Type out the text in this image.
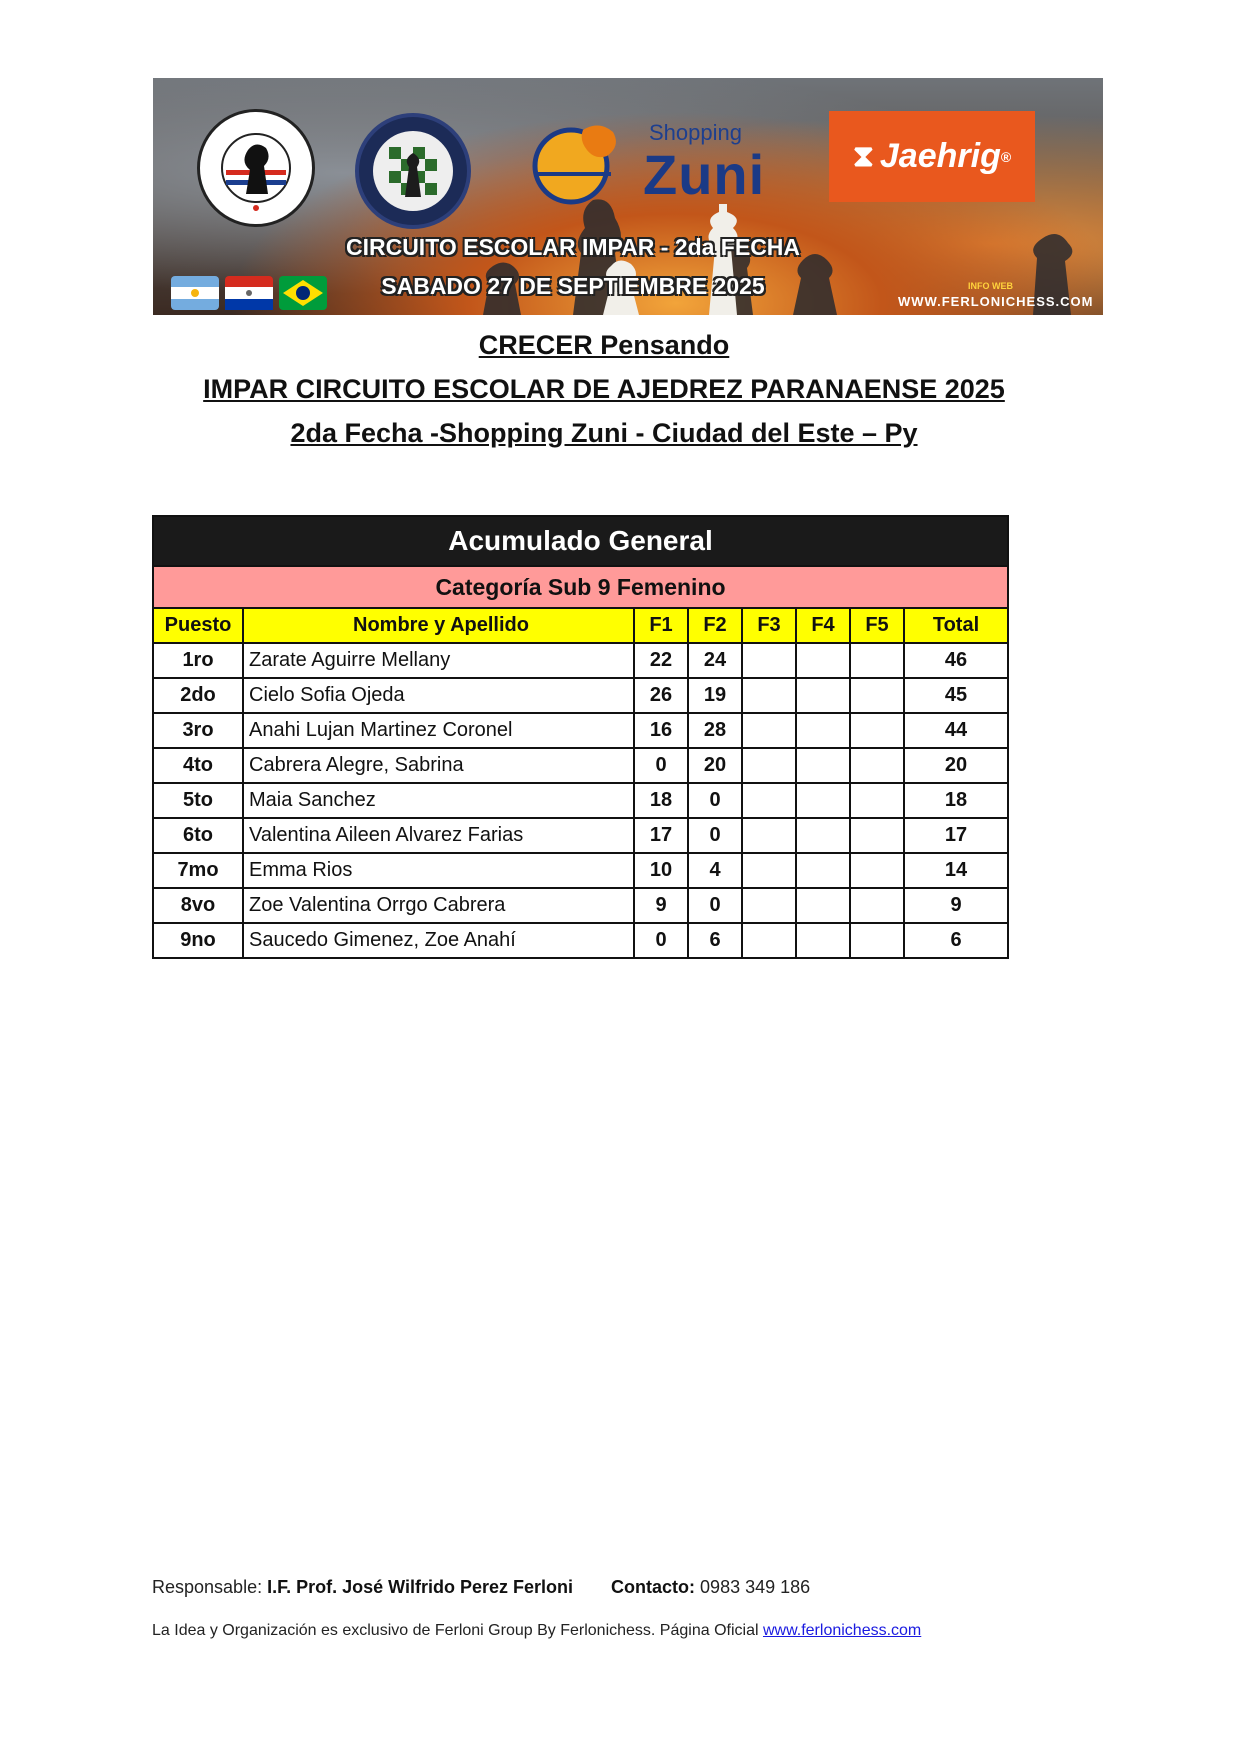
Shopping
Zuni	⧗ Jaehrig ®
CIRCUITO ESCOLAR IMPAR - 2da FECHA
SABADO 27 DE SEPTIEMBRE 2025	INFO WEB
WWW.FERLONICHESS.COM
CRECER Pensando
IMPAR CIRCUITO ESCOLAR DE AJEDREZ PARANAENSE 2025
2da Fecha -Shopping Zuni - Ciudad del Este – Py
Acumulado General							
Categoría Sub 9 Femenino							
Puesto	Nombre y Apellido	F1	F2	F3	F4	F5	Total
1ro	Zarate Aguirre Mellany	22	24				46
2do	Cielo Sofia Ojeda	26	19				45
3ro	Anahi Lujan Martinez Coronel	16	28				44
4to	Cabrera Alegre, Sabrina	0	20				20
5to	Maia Sanchez	18	0				18
6to	Valentina Aileen Alvarez Farias	17	0				17
7mo	Emma Rios	10	4				14
8vo	Zoe Valentina Orrgo Cabrera	9	0				9
9no	Saucedo Gimenez, Zoe Anahí	0	6				6
Responsable: I.F. Prof. José Wilfrido Perez Ferloni Contacto: 0983 349 186
La Idea y Organización es exclusivo de Ferloni Group By Ferlonichess. Página Oficial www.ferlonichess.com
